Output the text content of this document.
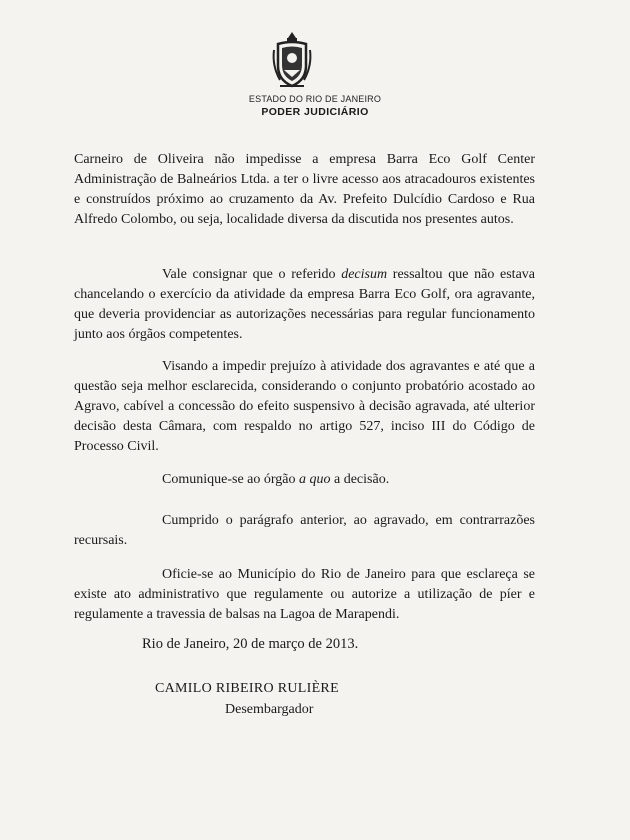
ESTADO DO RIO DE JANEIRO
PODER JUDICIÁRIO
Carneiro de Oliveira não impedisse a empresa Barra Eco Golf Center Administração de Balneários Ltda. a ter o livre acesso aos atracadouros existentes e construídos próximo ao cruzamento da Av. Prefeito Dulcídio Cardoso e Rua Alfredo Colombo, ou seja, localidade diversa da discutida nos presentes autos.
Vale consignar que o referido decisum ressaltou que não estava chancelando o exercício da atividade da empresa Barra Eco Golf, ora agravante, que deveria providenciar as autorizações necessárias para regular funcionamento junto aos órgãos competentes.
Visando a impedir prejuízo à atividade dos agravantes e até que a questão seja melhor esclarecida, considerando o conjunto probatório acostado ao Agravo, cabível a concessão do efeito suspensivo à decisão agravada, até ulterior decisão desta Câmara, com respaldo no artigo 527, inciso III do Código de Processo Civil.
Comunique-se ao órgão a quo a decisão.
Cumprido o parágrafo anterior, ao agravado, em contrarrazões recursais.
Oficie-se ao Município do Rio de Janeiro para que esclareça se existe ato administrativo que regulamente ou autorize a utilização de píer e regulamente a travessia de balsas na Lagoa de Marapendi.
Rio de Janeiro, 20 de março de 2013.
CAMILO RIBEIRO RULIÈRE
Desembargador
